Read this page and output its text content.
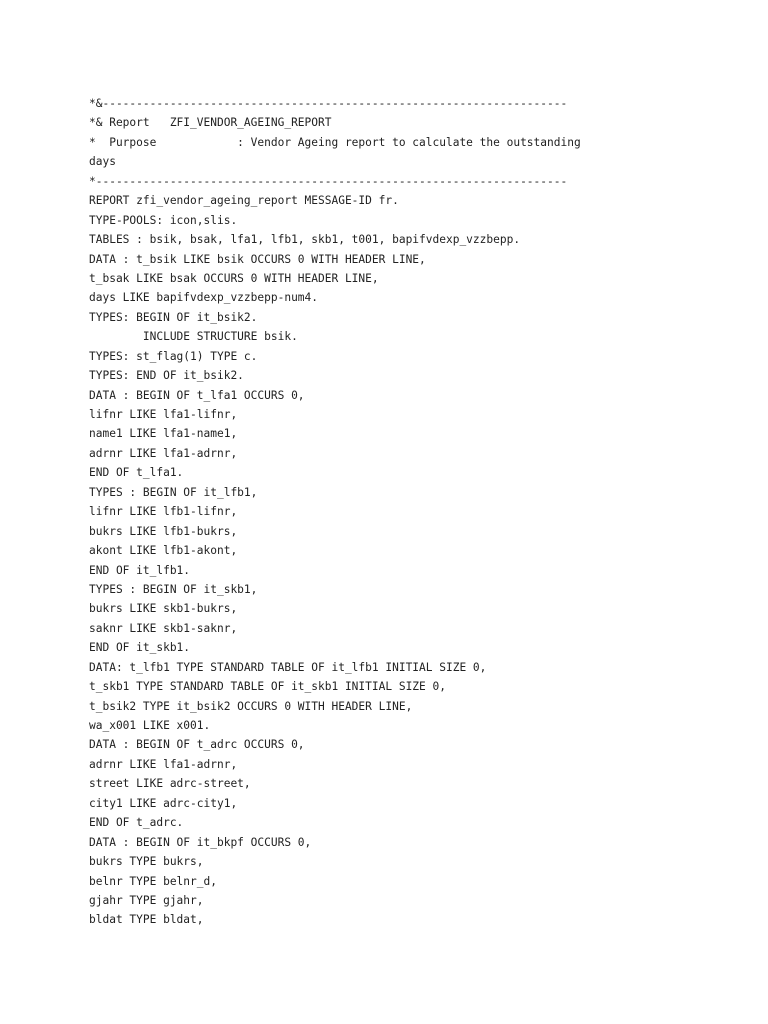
*&---------------------------------------------------------------------
*& Report   ZFI_VENDOR_AGEING_REPORT
*  Purpose            : Vendor Ageing report to calculate the outstanding
days
*----------------------------------------------------------------------
REPORT zfi_vendor_ageing_report MESSAGE-ID fr.
TYPE-POOLS: icon,slis.
TABLES : bsik, bsak, lfa1, lfb1, skb1, t001, bapifvdexp_vzzbepp.
DATA : t_bsik LIKE bsik OCCURS 0 WITH HEADER LINE,
t_bsak LIKE bsak OCCURS 0 WITH HEADER LINE,
days LIKE bapifvdexp_vzzbepp-num4.
TYPES: BEGIN OF it_bsik2.
INCLUDE STRUCTURE bsik.
TYPES: st_flag(1) TYPE c.
TYPES: END OF it_bsik2.
DATA : BEGIN OF t_lfa1 OCCURS 0,
lifnr LIKE lfa1-lifnr,
name1 LIKE lfa1-name1,
adrnr LIKE lfa1-adrnr,
END OF t_lfa1.
TYPES : BEGIN OF it_lfb1,
lifnr LIKE lfb1-lifnr,
bukrs LIKE lfb1-bukrs,
akont LIKE lfb1-akont,
END OF it_lfb1.
TYPES : BEGIN OF it_skb1,
bukrs LIKE skb1-bukrs,
saknr LIKE skb1-saknr,
END OF it_skb1.
DATA: t_lfb1 TYPE STANDARD TABLE OF it_lfb1 INITIAL SIZE 0,
t_skb1 TYPE STANDARD TABLE OF it_skb1 INITIAL SIZE 0,
t_bsik2 TYPE it_bsik2 OCCURS 0 WITH HEADER LINE,
wa_x001 LIKE x001.
DATA : BEGIN OF t_adrc OCCURS 0,
adrnr LIKE lfa1-adrnr,
street LIKE adrc-street,
city1 LIKE adrc-city1,
END OF t_adrc.
DATA : BEGIN OF it_bkpf OCCURS 0,
bukrs TYPE bukrs,
belnr TYPE belnr_d,
gjahr TYPE gjahr,
bldat TYPE bldat,
